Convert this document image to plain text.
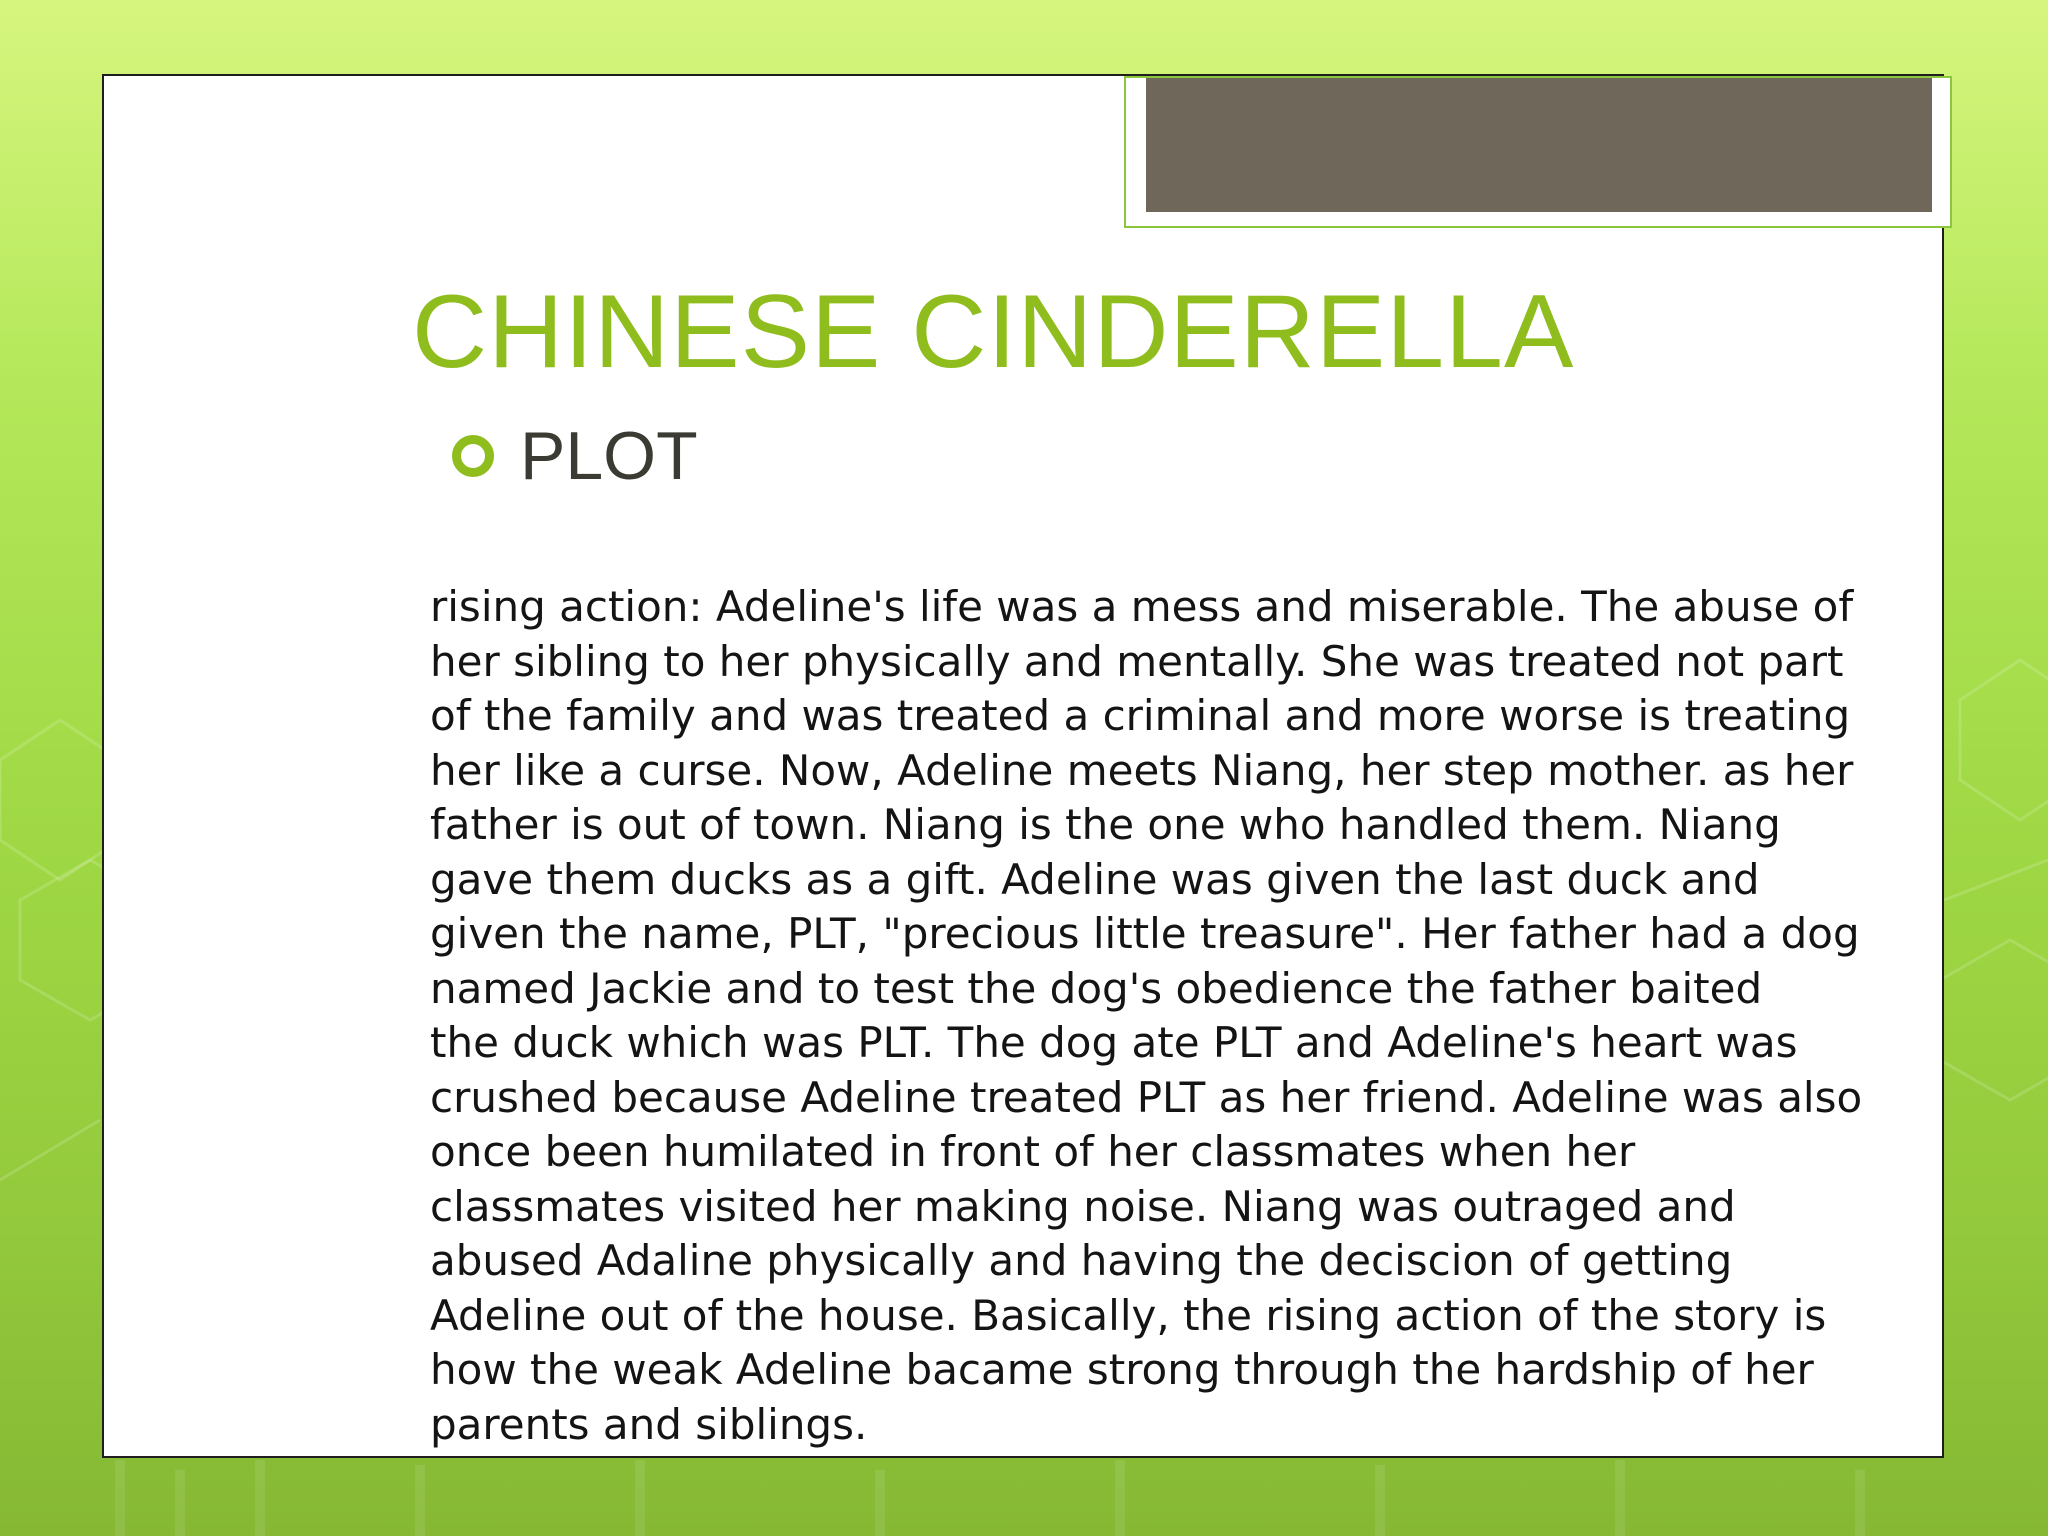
CHINESE CINDERELLA
PLOT

rising action: Adeline's life was a mess and miserable. The abuse of
her sibling to her physically and mentally. She was treated not part
of the family and was treated a criminal and more worse is treating
her like a curse. Now, Adeline meets Niang, her step mother. as her
father is out of town. Niang is the one who handled them. Niang
gave them ducks as a gift. Adeline was given the last duck and
given the name, PLT, "precious little treasure". Her father had a dog
named Jackie and to test the dog's obedience the father baited
the duck which was PLT. The dog ate PLT and Adeline's heart was
crushed because Adeline treated PLT as her friend. Adeline was also
once been humilated in front of her classmates when her
classmates visited her making noise. Niang was outraged and
abused Adaline physically and having the deciscion of getting
Adeline out of the house. Basically, the rising action of the story is
how the weak Adeline bacame strong through the hardship of her
parents and siblings.
